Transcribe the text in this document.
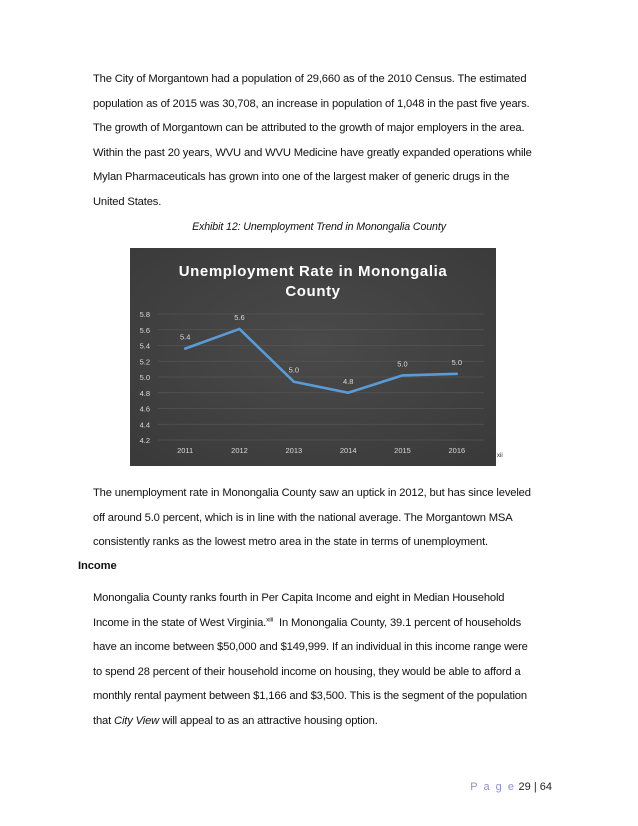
The City of Morgantown had a population of 29,660 as of the 2010 Census. The estimated
population as of 2015 was 30,708, an increase in population of 1,048 in the past five years.
The growth of Morgantown can be attributed to the growth of major employers in the area.
Within the past 20 years, WVU and WVU Medicine have greatly expanded operations while
Mylan Pharmaceuticals has grown into one of the largest maker of generic drugs in the
United States.
Exhibit 12: Unemployment Trend in Monongalia County
Unemployment Rate in Monongalia
County
5.8
5.6
5.4
5.2
5.0
4.8
4.6
4.4
4.2
2011	2012	2013	2014	2015	2016
5.4
5.6
5.0
4.8
5.0	5.0
xii
The unemployment rate in Monongalia County saw an uptick in 2012, but has since leveled
off around 5.0 percent, which is in line with the national average. The Morgantown MSA
consistently ranks as the lowest metro area in the state in terms of unemployment.
Income
Monongalia County ranks fourth in Per Capita Income and eight in Median Household
Income in the state of West Virginia.$^{xiii}$  In Monongalia County, 39.1 percent of households
have an income between $50,000 and $149,999. If an individual in this income range were
to spend 28 percent of their household income on housing, they would be able to afford a
monthly rental payment between $1,166 and $3,500. This is the segment of the population
that City View will appeal to as an attractive housing option.
P a g e 29 | 64
